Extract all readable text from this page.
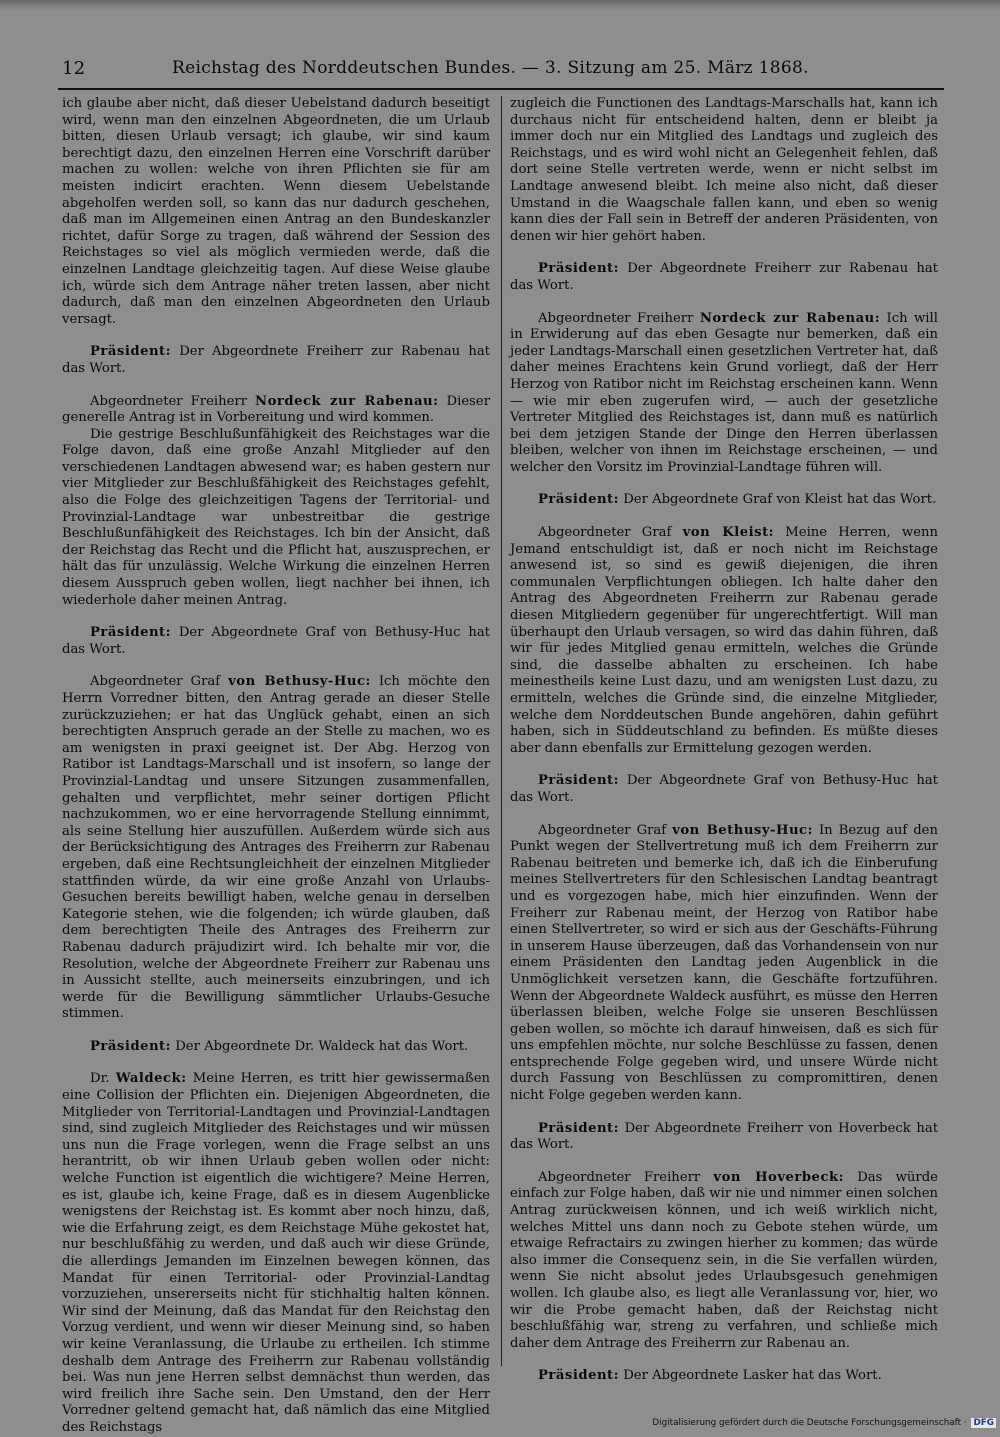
12	Reichstag des Norddeutschen Bundes. — 3. Sitzung am 25. März 1868.

ich glaube aber nicht, daß dieser Uebelstand dadurch beseitigt wird, wenn man den einzelnen Abgeordneten, die um Urlaub bitten, diesen Urlaub versagt; ich glaube, wir sind kaum berechtigt dazu, den einzelnen Herren eine Vorschrift darüber machen zu wollen: welche von ihren Pflichten sie für am meisten indicirt erachten. Wenn diesem Uebelstande abgeholfen werden soll, so kann das nur dadurch geschehen, daß man im Allgemeinen einen Antrag an den Bundeskanzler richtet, dafür Sorge zu tragen, daß während der Session des Reichstages so viel als möglich vermieden werde, daß die einzelnen Landtage gleichzeitig tagen. Auf diese Weise glaube ich, würde sich dem Antrage näher treten lassen, aber nicht dadurch, daß man den einzelnen Abgeordneten den Urlaub versagt.

Präsident: Der Abgeordnete Freiherr zur Rabenau hat das Wort.

Abgeordneter Freiherr Nordeck zur Rabenau: Dieser generelle Antrag ist in Vorbereitung und wird kommen.

Die gestrige Beschlußunfähigkeit des Reichstages war die Folge davon, daß eine große Anzahl Mitglieder auf den verschiedenen Landtagen abwesend war; es haben gestern nur vier Mitglieder zur Beschlußfähigkeit des Reichstages gefehlt, also die Folge des gleichzeitigen Tagens der Territorial- und Provinzial-Landtage war unbestreitbar die gestrige Beschlußunfähigkeit des Reichstages. Ich bin der Ansicht, daß der Reichstag das Recht und die Pflicht hat, auszusprechen, er hält das für unzulässig. Welche Wirkung die einzelnen Herren diesem Ausspruch geben wollen, liegt nachher bei ihnen, ich wiederhole daher meinen Antrag.

Präsident: Der Abgeordnete Graf von Bethusy-Huc hat das Wort.

Abgeordneter Graf von Bethusy-Huc: Ich möchte den Herrn Vorredner bitten, den Antrag gerade an dieser Stelle zurückzuziehen; er hat das Unglück gehabt, einen an sich berechtigten Anspruch gerade an der Stelle zu machen, wo es am wenigsten in praxi geeignet ist. Der Abg. Herzog von Ratibor ist Landtags-Marschall und ist insofern, so lange der Provinzial-Landtag und unsere Sitzungen zusammenfallen, gehalten und verpflichtet, mehr seiner dortigen Pflicht nachzukommen, wo er eine hervorragende Stellung einnimmt, als seine Stellung hier auszufüllen. Außerdem würde sich aus der Berücksichtigung des Antrages des Freiherrn zur Rabenau ergeben, daß eine Rechtsungleichheit der einzelnen Mitglieder stattfinden würde, da wir eine große Anzahl von Urlaubs-Gesuchen bereits bewilligt haben, welche genau in derselben Kategorie stehen, wie die folgenden; ich würde glauben, daß dem berechtigten Theile des Antrages des Freiherrn zur Rabenau dadurch präjudizirt wird. Ich behalte mir vor, die Resolution, welche der Abgeordnete Freiherr zur Rabenau uns in Aussicht stellte, auch meinerseits einzubringen, und ich werde für die Bewilligung sämmtlicher Urlaubs-Gesuche stimmen.

Präsident: Der Abgeordnete Dr. Waldeck hat das Wort.

Dr. Waldeck: Meine Herren, es tritt hier gewissermaßen eine Collision der Pflichten ein. Diejenigen Abgeordneten, die Mitglieder von Territorial-Landtagen und Provinzial-Landtagen sind, sind zugleich Mitglieder des Reichstages und wir müssen uns nun die Frage vorlegen, wenn die Frage selbst an uns herantritt, ob wir ihnen Urlaub geben wollen oder nicht: welche Function ist eigentlich die wichtigere? Meine Herren, es ist, glaube ich, keine Frage, daß es in diesem Augenblicke wenigstens der Reichstag ist. Es kommt aber noch hinzu, daß, wie die Erfahrung zeigt, es dem Reichstage Mühe gekostet hat, nur beschlußfähig zu werden, und daß auch wir diese Gründe, die allerdings Jemanden im Einzelnen bewegen können, das Mandat für einen Territorial- oder Provinzial-Landtag vorzuziehen, unsererseits nicht für stichhaltig halten können. Wir sind der Meinung, daß das Mandat für den Reichstag den Vorzug verdient, und wenn wir dieser Meinung sind, so haben wir keine Veranlassung, die Urlaube zu ertheilen. Ich stimme deshalb dem Antrage des Freiherrn zur Rabenau vollständig bei. Was nun jene Herren selbst demnächst thun werden, das wird freilich ihre Sache sein. Den Umstand, den der Herr Vorredner geltend gemacht hat, daß nämlich das eine Mitglied des Reichstags

zugleich die Functionen des Landtags-Marschalls hat, kann ich durchaus nicht für entscheidend halten, denn er bleibt ja immer doch nur ein Mitglied des Landtags und zugleich des Reichstags, und es wird wohl nicht an Gelegenheit fehlen, daß dort seine Stelle vertreten werde, wenn er nicht selbst im Landtage anwesend bleibt. Ich meine also nicht, daß dieser Umstand in die Waagschale fallen kann, und eben so wenig kann dies der Fall sein in Betreff der anderen Präsidenten, von denen wir hier gehört haben.

Präsident: Der Abgeordnete Freiherr zur Rabenau hat das Wort.

Abgeordneter Freiherr Nordeck zur Rabenau: Ich will in Erwiderung auf das eben Gesagte nur bemerken, daß ein jeder Landtags-Marschall einen gesetzlichen Vertreter hat, daß daher meines Erachtens kein Grund vorliegt, daß der Herr Herzog von Ratibor nicht im Reichstag erscheinen kann. Wenn — wie mir eben zugerufen wird, — auch der gesetzliche Vertreter Mitglied des Reichstages ist, dann muß es natürlich bei dem jetzigen Stande der Dinge den Herren überlassen bleiben, welcher von ihnen im Reichstage erscheinen, — und welcher den Vorsitz im Provinzial-Landtage führen will.

Präsident: Der Abgeordnete Graf von Kleist hat das Wort.

Abgeordneter Graf von Kleist: Meine Herren, wenn Jemand entschuldigt ist, daß er noch nicht im Reichstage anwesend ist, so sind es gewiß diejenigen, die ihren communalen Verpflichtungen obliegen. Ich halte daher den Antrag des Abgeordneten Freiherrn zur Rabenau gerade diesen Mitgliedern gegenüber für ungerechtfertigt. Will man überhaupt den Urlaub versagen, so wird das dahin führen, daß wir für jedes Mitglied genau ermitteln, welches die Gründe sind, die dasselbe abhalten zu erscheinen. Ich habe meinestheils keine Lust dazu, und am wenigsten Lust dazu, zu ermitteln, welches die Gründe sind, die einzelne Mitglieder, welche dem Norddeutschen Bunde angehören, dahin geführt haben, sich in Süddeutschland zu befinden. Es müßte dieses aber dann ebenfalls zur Ermittelung gezogen werden.

Präsident: Der Abgeordnete Graf von Bethusy-Huc hat das Wort.

Abgeordneter Graf von Bethusy-Huc: In Bezug auf den Punkt wegen der Stellvertretung muß ich dem Freiherrn zur Rabenau beitreten und bemerke ich, daß ich die Einberufung meines Stellvertreters für den Schlesischen Landtag beantragt und es vorgezogen habe, mich hier einzufinden. Wenn der Freiherr zur Rabenau meint, der Herzog von Ratibor habe einen Stellvertreter, so wird er sich aus der Geschäfts-Führung in unserem Hause überzeugen, daß das Vorhandensein von nur einem Präsidenten den Landtag jeden Augenblick in die Unmöglichkeit versetzen kann, die Geschäfte fortzuführen. Wenn der Abgeordnete Waldeck ausführt, es müsse den Herren überlassen bleiben, welche Folge sie unseren Beschlüssen geben wollen, so möchte ich darauf hinweisen, daß es sich für uns empfehlen möchte, nur solche Beschlüsse zu fassen, denen entsprechende Folge gegeben wird, und unsere Würde nicht durch Fassung von Beschlüssen zu compromittiren, denen nicht Folge gegeben werden kann.

Präsident: Der Abgeordnete Freiherr von Hoverbeck hat das Wort.

Abgeordneter Freiherr von Hoverbeck: Das würde einfach zur Folge haben, daß wir nie und nimmer einen solchen Antrag zurückweisen können, und ich weiß wirklich nicht, welches Mittel uns dann noch zu Gebote stehen würde, um etwaige Refractairs zu zwingen hierher zu kommen; das würde also immer die Consequenz sein, in die Sie verfallen würden, wenn Sie nicht absolut jedes Urlaubsgesuch genehmigen wollen. Ich glaube also, es liegt alle Veranlassung vor, hier, wo wir die Probe gemacht haben, daß der Reichstag nicht beschlußfähig war, streng zu verfahren, und schließe mich daher dem Antrage des Freiherrn zur Rabenau an.

Präsident: Der Abgeordnete Lasker hat das Wort.

Digitalisierung gefördert durch die Deutsche Forschungsgemeinschaft · DFG
